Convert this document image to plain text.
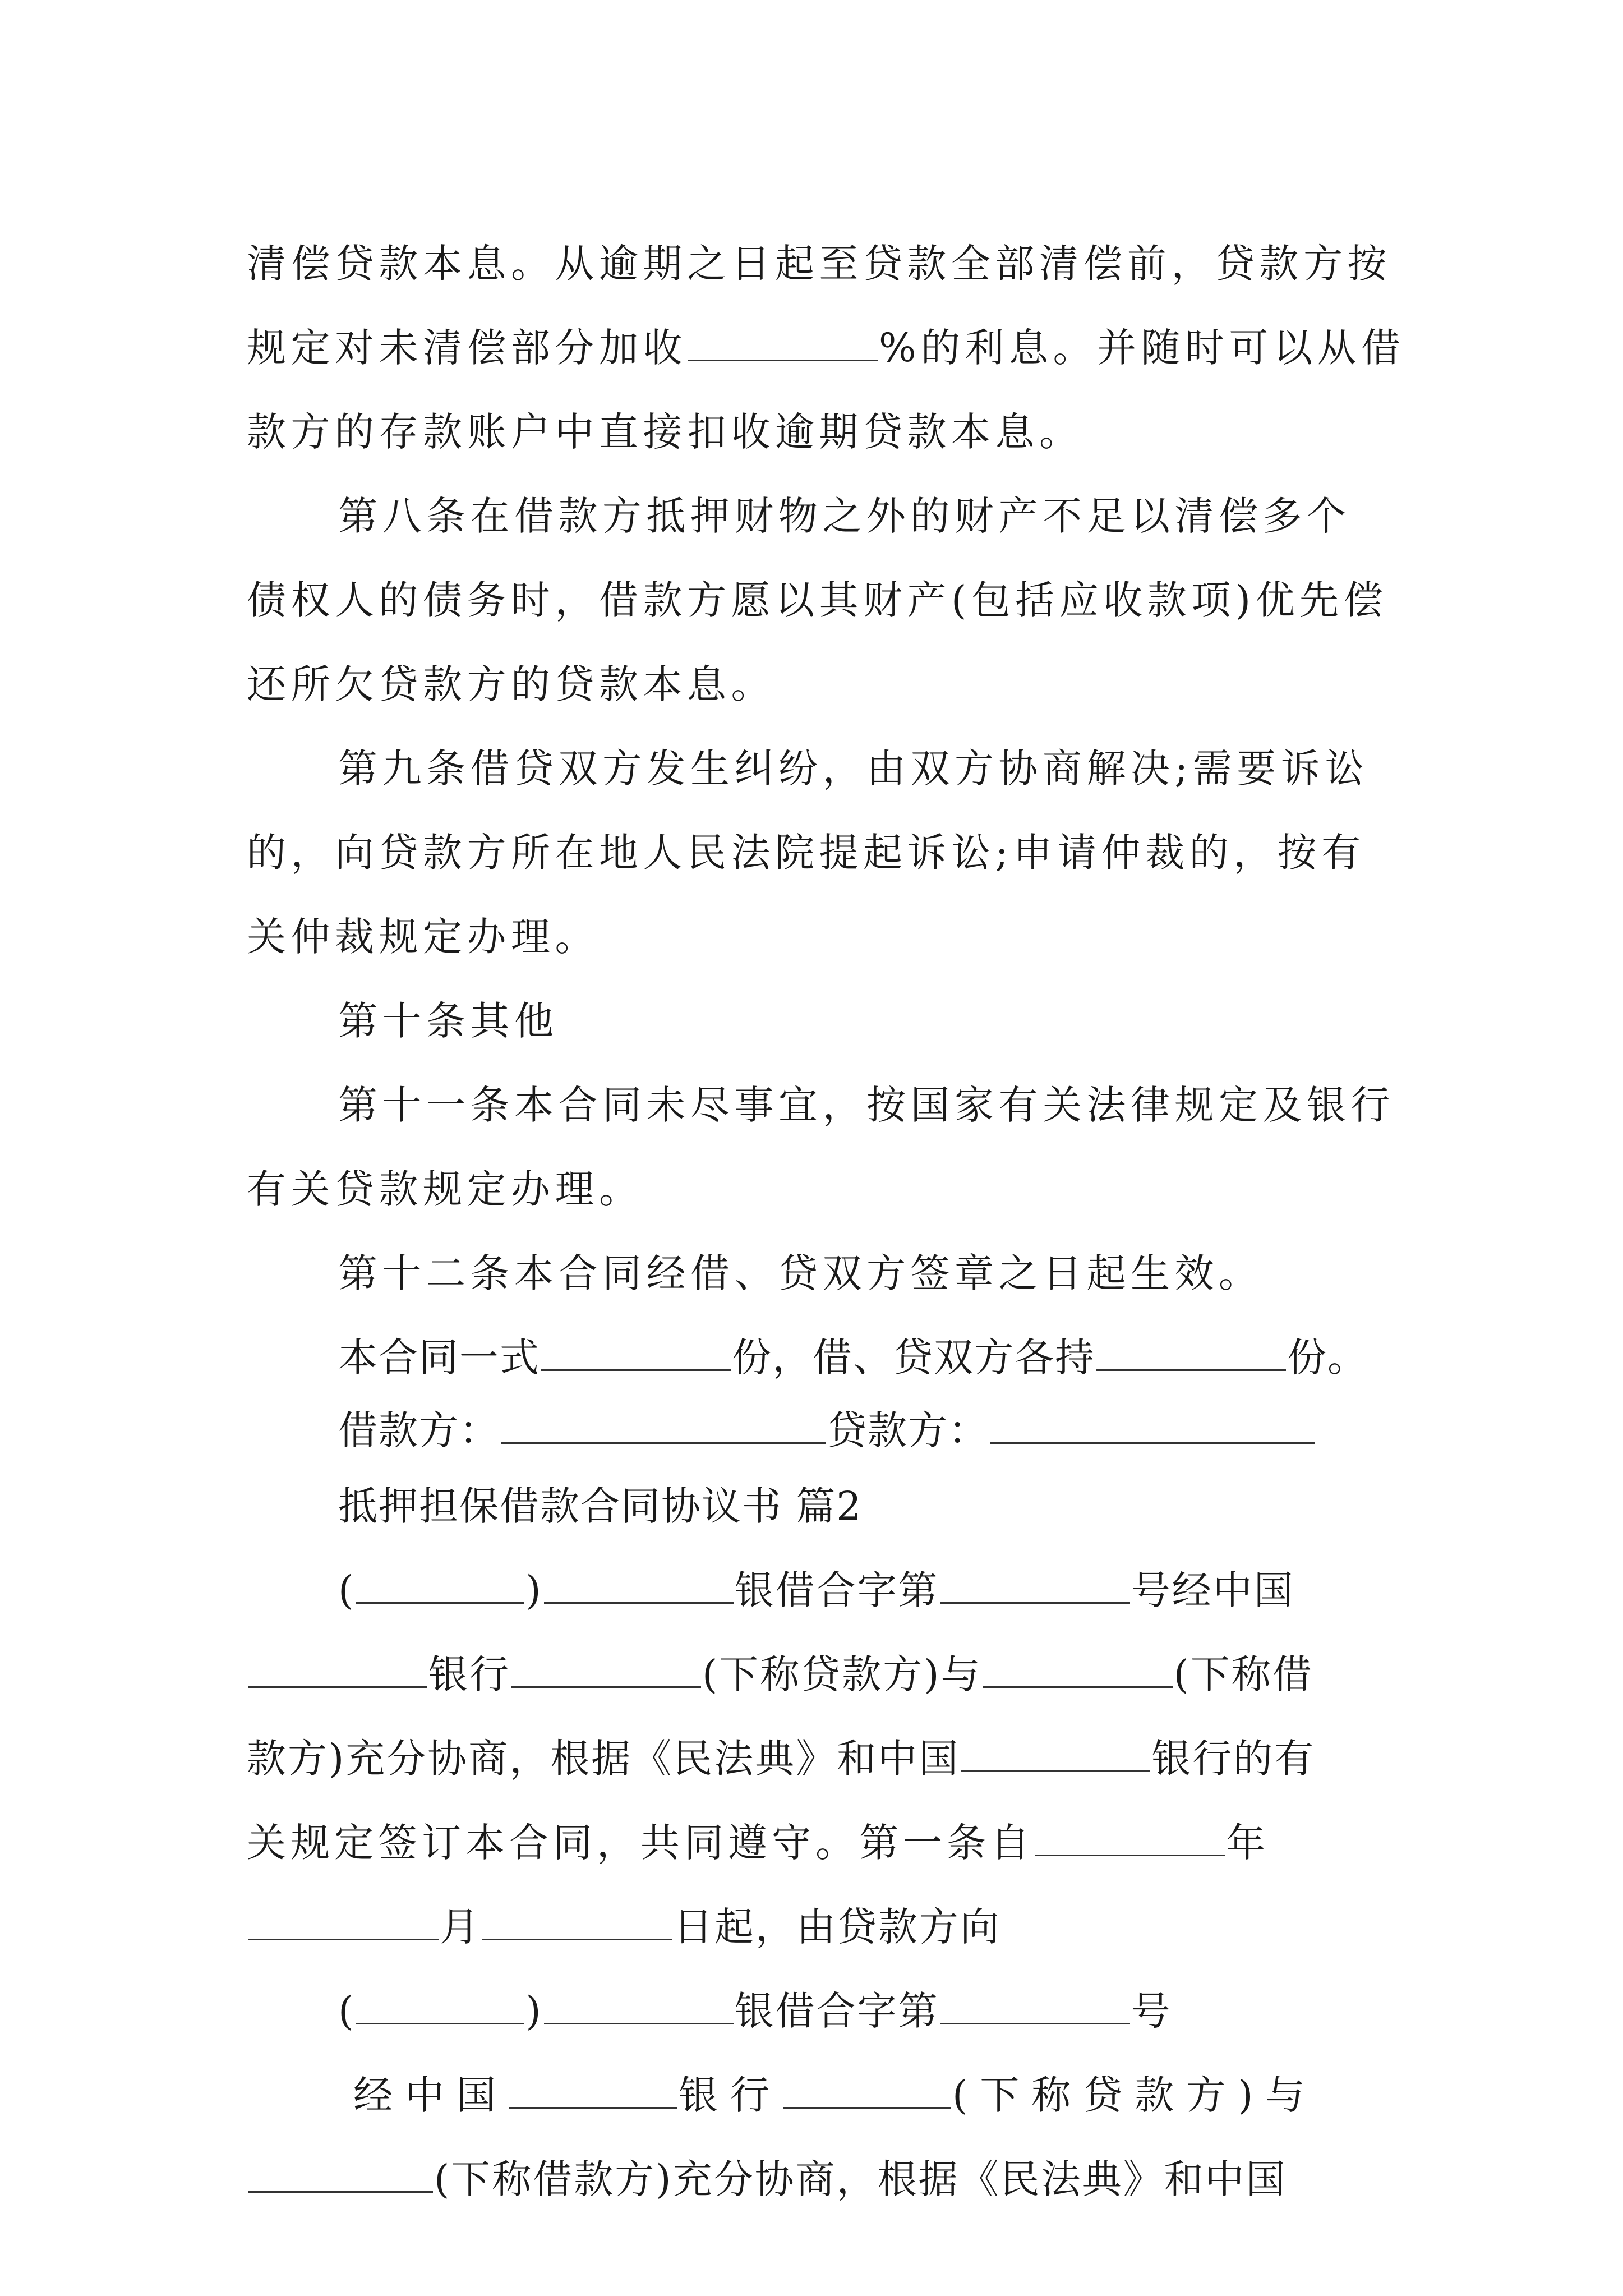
清偿贷款本息。从逾期之日起至贷款全部清偿前，贷款方按
规定对未清偿部分加收	%的利息。并随时可以从借
款方的存款账户中直接扣收逾期贷款本息。
第八条在借款方抵押财物之外的财产不足以清偿多个
债权人的债务时，借款方愿以其财产(包括应收款项)优先偿
还所欠贷款方的贷款本息。
第九条借贷双方发生纠纷，由双方协商解决;需要诉讼
的，向贷款方所在地人民法院提起诉讼;申请仲裁的，按有
关仲裁规定办理。
第十条其他
第十一条本合同未尽事宜，按国家有关法律规定及银行
有关贷款规定办理。
第十二条本合同经借、贷双方签章之日起生效。
本合同一式	份，借、贷双方各持	份。
借款方：	贷款方：
抵押担保借款合同协议书 篇2
(	)	银借合字第	号经中国
银行	(下称贷款方)与	(下称借
款方)充分协商，根据《民法典》和中国	银行的有
关规定签订本合同，共同遵守。第一条自	年
月	日起，由贷款方向
(	)	银借合字第	号
经中国	银行	(下称贷款方)与
(下称借款方)充分协商，根据《民法典》和中国
